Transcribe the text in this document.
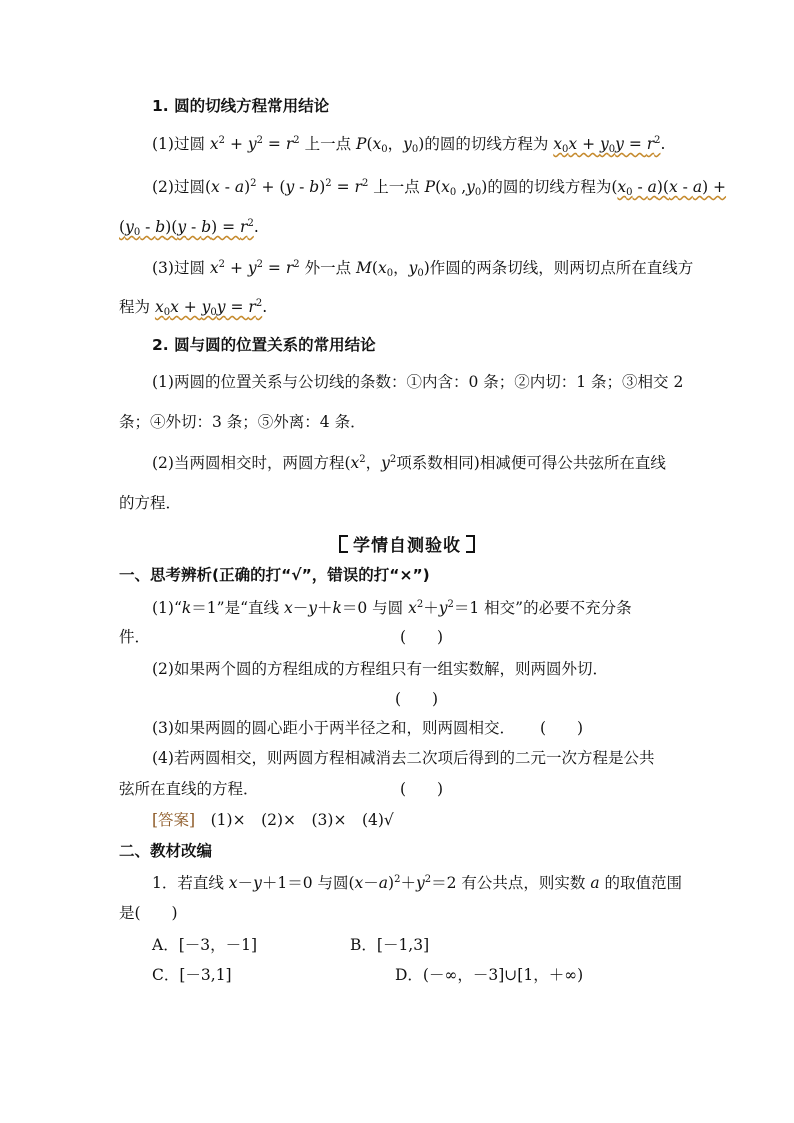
1. 圆的切线方程常用结论
(1)过圆 $x^2 + y^2 = r^2$ 上一点 $P(x_0$，$y_0$)的圆的切线方程为 $x_0x + y_0y = r^2$.
(2)过圆$(x - a)^2 + (y - b)^2 = r^2$ 上一点 $P(x_0$ $,y_0$)的圆的切线方程为$(x_0 - a)(x - a)$ +
$(y_0 - b)(y - b) = r^2$.
(3)过圆 $x^2 + y^2 = r^2$ 外一点 $M(x_0$，$y_0$)作圆的两条切线，则两切点所在直线方
程为 $x_0x + y_0y = r^2$.
2. 圆与圆的位置关系的常用结论
(1)两圆的位置关系与公切线的条数：①内含：0 条；②内切：1 条；③相交 2
条；④外切：3 条；⑤外离：4 条．
(2)当两圆相交时，两圆方程($x^2$，$y^2$项系数相同)相减便可得公共弦所在直线
的方程．
学情自测验收
一、思考辨析(正确的打“√”，错误的打“×”)
(1)“k＝1”是“直线 x－y＋k＝0 与圆 $x^2+y^2=1$ 相交”的必要不充分条
件．	(　　)
(2)如果两个圆的方程组成的方程组只有一组实数解，则两圆外切．
(　　)
(3)如果两圆的圆心距小于两半径之和，则两圆相交．	(　　)
(4)若两圆相交，则两圆方程相减消去二次项后得到的二元一次方程是公共
弦所在直线的方程．	(　　)
[答案]　 (1)×　(2)×　(3)×　(4)√
二、教材改编
1．若直线 x－y＋1＝0 与圆$(x-a)^2+y^2=2$ 有公共点，则实数 a 的取值范围
是(　　)
A．[－3，－1]	B．[－1,3]
C．[－3,1]	D．(－∞，－3]∪[1，＋∞)
